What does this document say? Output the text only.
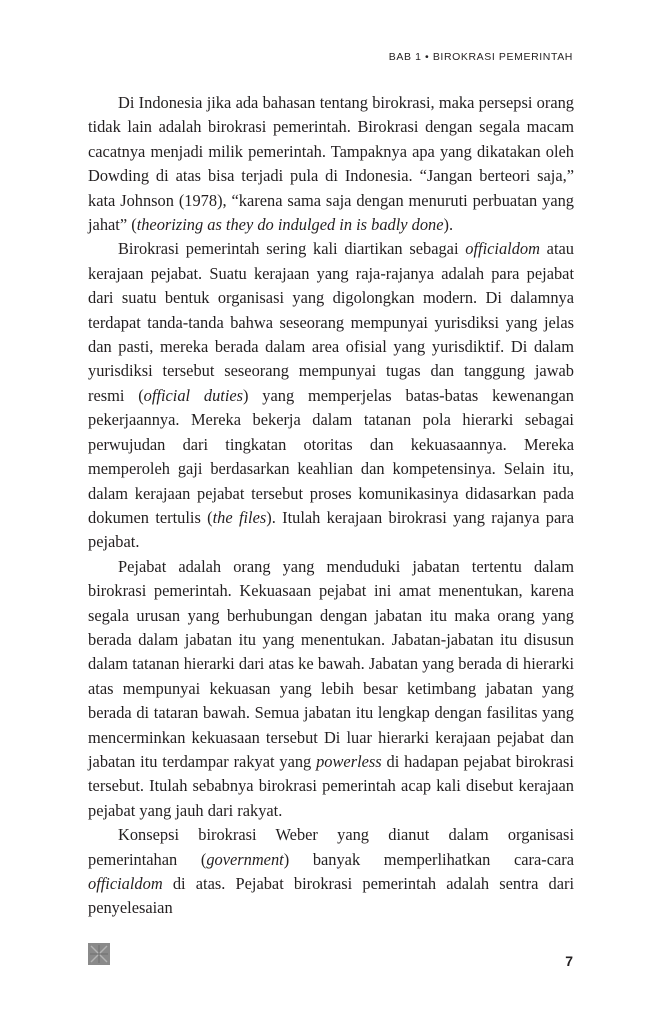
BAB 1 • BIROKRASI PEMERINTAH

Di Indonesia jika ada bahasan tentang birokrasi, maka persepsi orang tidak lain adalah birokrasi pemerintah. Birokrasi dengan segala macam cacatnya menjadi milik pemerintah. Tampaknya apa yang dikatakan oleh Dowding di atas bisa terjadi pula di Indonesia. “Jangan berteori saja,” kata Johnson (1978), “karena sama saja dengan menuruti perbuatan yang jahat” (theorizing as they do indulged in is badly done).

Birokrasi pemerintah sering kali diartikan sebagai officialdom atau kerajaan pejabat. Suatu kerajaan yang raja-rajanya adalah para pejabat dari suatu bentuk organisasi yang digolongkan modern. Di dalamnya terdapat tanda-tanda bahwa seseorang mempunyai yurisdiksi yang jelas dan pasti, mereka berada dalam area ofisial yang yurisdiktif. Di dalam yurisdiksi tersebut seseorang mempunyai tugas dan tanggung jawab resmi (official duties) yang memperjelas batas-batas kewenangan pekerjaannya. Mereka bekerja dalam tatanan pola hierarki sebagai perwujudan dari tingkatan otoritas dan kekuasaannya. Mereka memperoleh gaji berdasarkan keahlian dan kompetensinya. Selain itu, dalam kerajaan pejabat tersebut proses komunikasinya didasarkan pada dokumen tertulis (the files). Itulah kerajaan birokrasi yang rajanya para pejabat.

Pejabat adalah orang yang menduduki jabatan tertentu dalam birokrasi pemerintah. Kekuasaan pejabat ini amat menentukan, karena segala urusan yang berhubungan dengan jabatan itu maka orang yang berada dalam jabatan itu yang menentukan. Jabatan-jabatan itu disusun dalam tatanan hierarki dari atas ke bawah. Jabatan yang berada di hierarki atas mempunyai kekuasan yang lebih besar ketimbang jabatan yang berada di tataran bawah. Semua jabatan itu lengkap dengan fasilitas yang mencerminkan kekuasaan tersebut Di luar hierarki kerajaan pejabat dan jabatan itu terdampar rakyat yang powerless di hadapan pejabat birokrasi tersebut. Itulah sebabnya birokrasi pemerintah acap kali disebut kerajaan pejabat yang jauh dari rakyat.

Konsepsi birokrasi Weber yang dianut dalam organisasi pemerintahan (government) banyak memperlihatkan cara-cara officialdom di atas. Pejabat birokrasi pemerintah adalah sentra dari penyelesaian

7
